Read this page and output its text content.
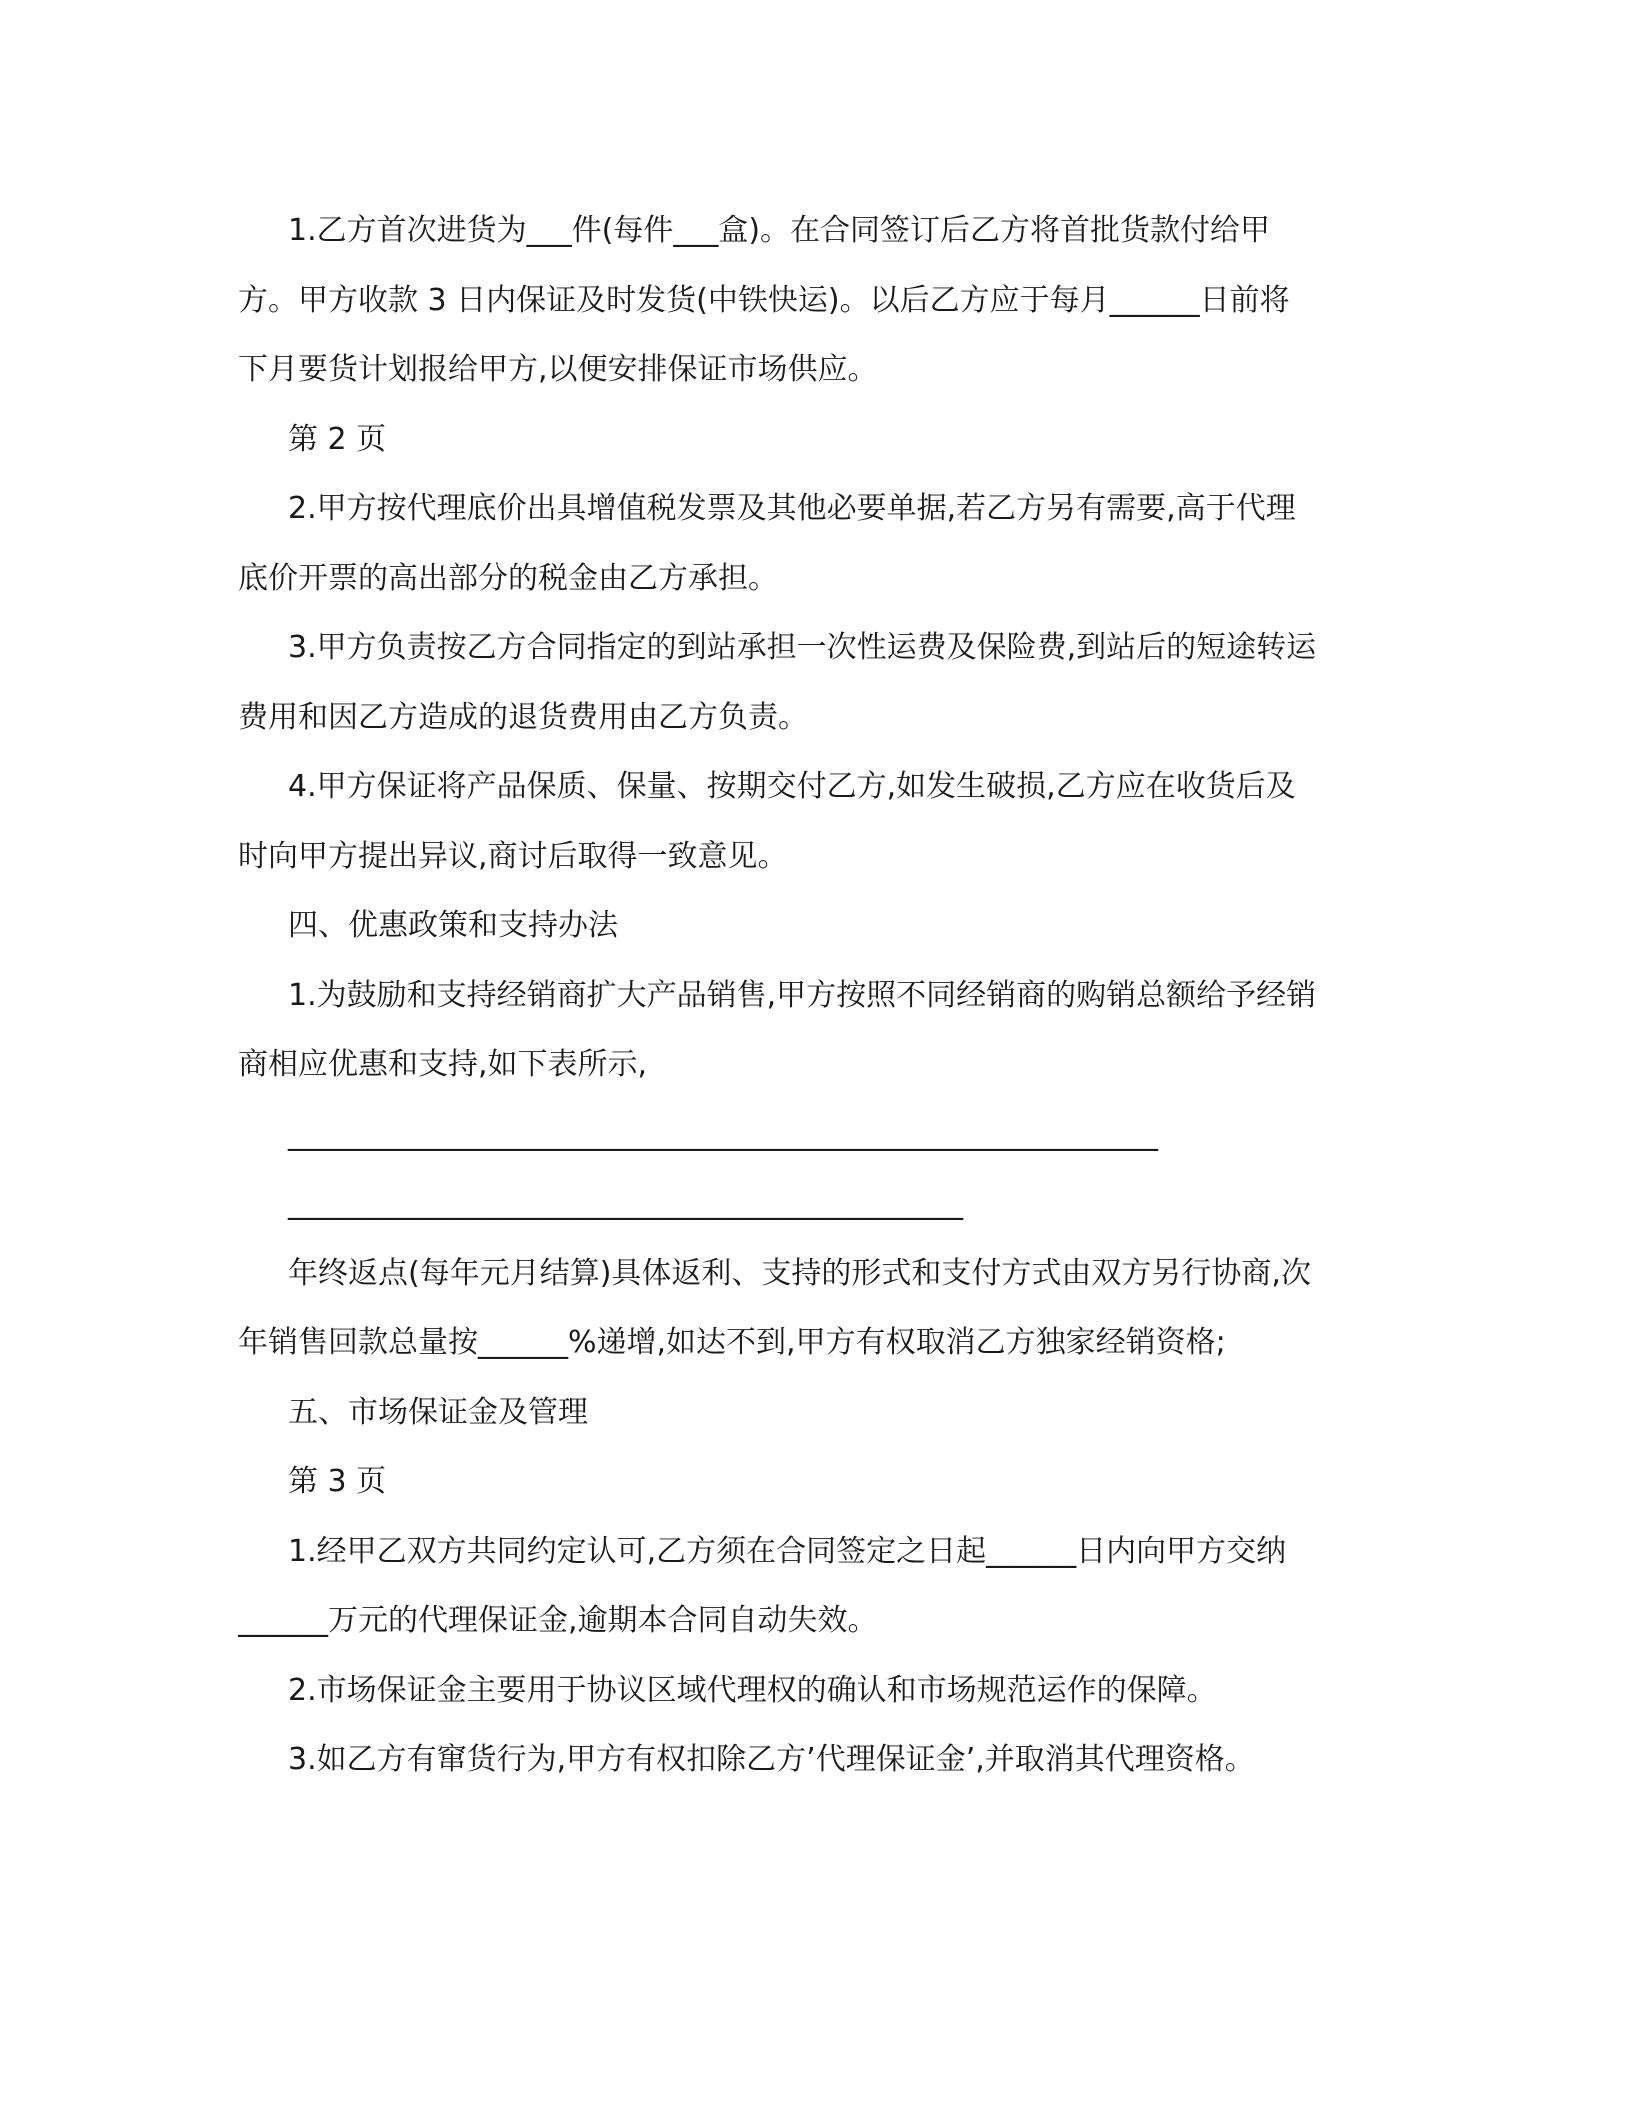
1.乙方首次进货为___件(每件___盒)。在合同签订后乙方将首批货款付给甲
方。甲方收款 3 日内保证及时发货(中铁快运)。以后乙方应于每月______日前将
下月要货计划报给甲方,以便安排保证市场供应。
第 2 页
2.甲方按代理底价出具增值税发票及其他必要单据,若乙方另有需要,高于代理
底价开票的高出部分的税金由乙方承担。
3.甲方负责按乙方合同指定的到站承担一次性运费及保险费,到站后的短途转运
费用和因乙方造成的退货费用由乙方负责。
4.甲方保证将产品保质、保量、按期交付乙方,如发生破损,乙方应在收货后及
时向甲方提出异议,商讨后取得一致意见。
四、优惠政策和支持办法
1.为鼓励和支持经销商扩大产品销售,甲方按照不同经销商的购销总额给予经销
商相应优惠和支持,如下表所示,
__________________________________________________________
_____________________________________________
年终返点(每年元月结算)具体返利、支持的形式和支付方式由双方另行协商,次
年销售回款总量按______%递增,如达不到,甲方有权取消乙方独家经销资格;
五、市场保证金及管理
第 3 页
1.经甲乙双方共同约定认可,乙方须在合同签定之日起______日内向甲方交纳
______万元的代理保证金,逾期本合同自动失效。
2.市场保证金主要用于协议区域代理权的确认和市场规范运作的保障。
3.如乙方有窜货行为,甲方有权扣除乙方’代理保证金’,并取消其代理资格。
